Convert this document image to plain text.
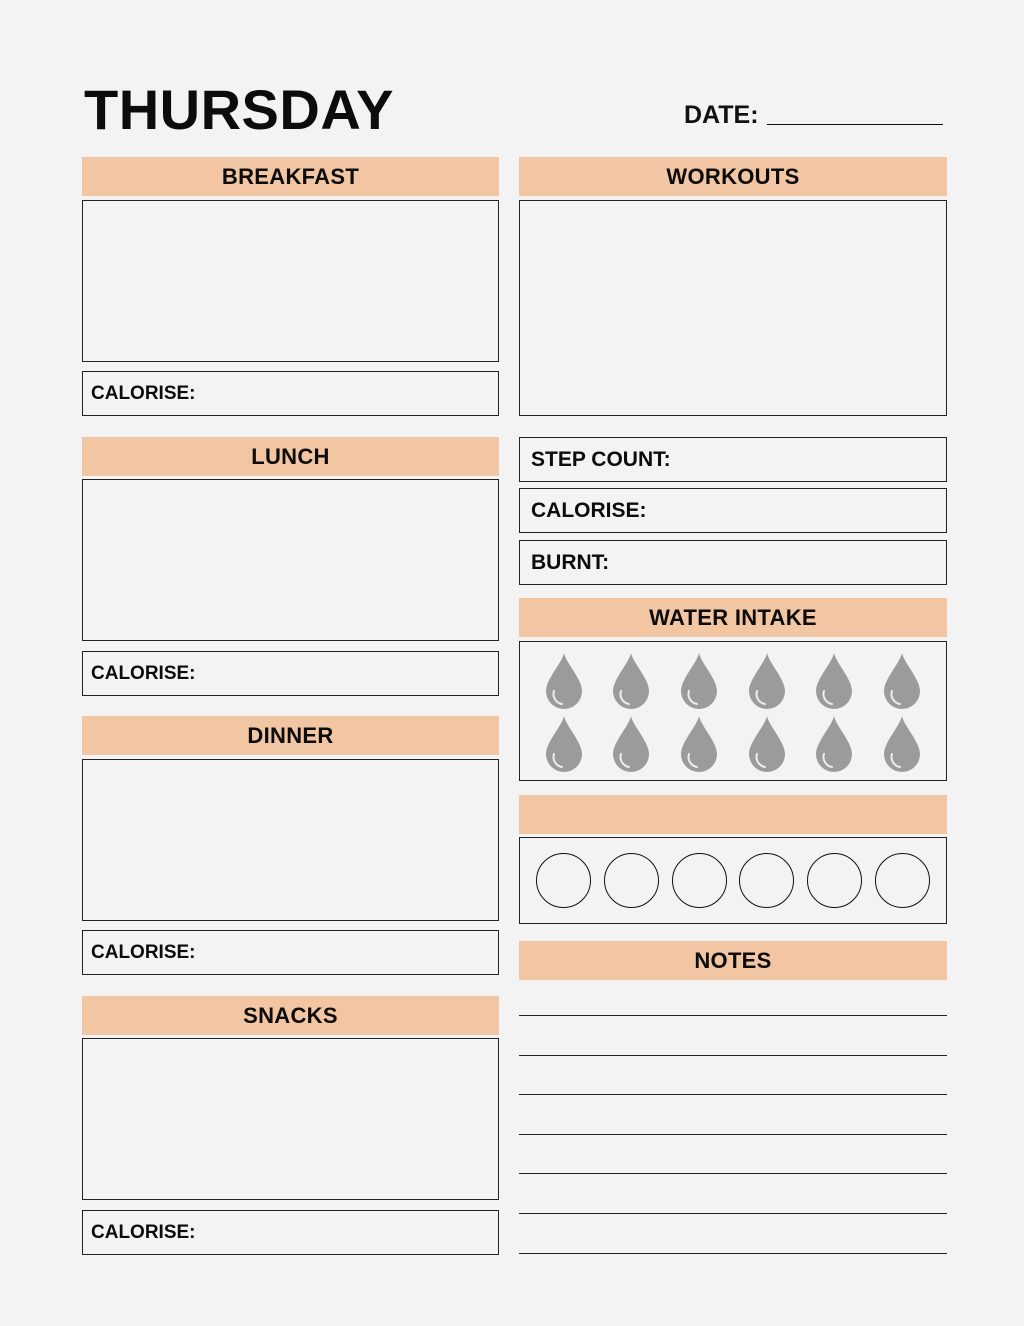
THURSDAY	DATE:
BREAKFAST
CALORISE:
LUNCH
CALORISE:
DINNER
CALORISE:
SNACKS
CALORISE:
WORKOUTS
STEP COUNT:
CALORISE:
BURNT:
WATER INTAKE
NOTES
